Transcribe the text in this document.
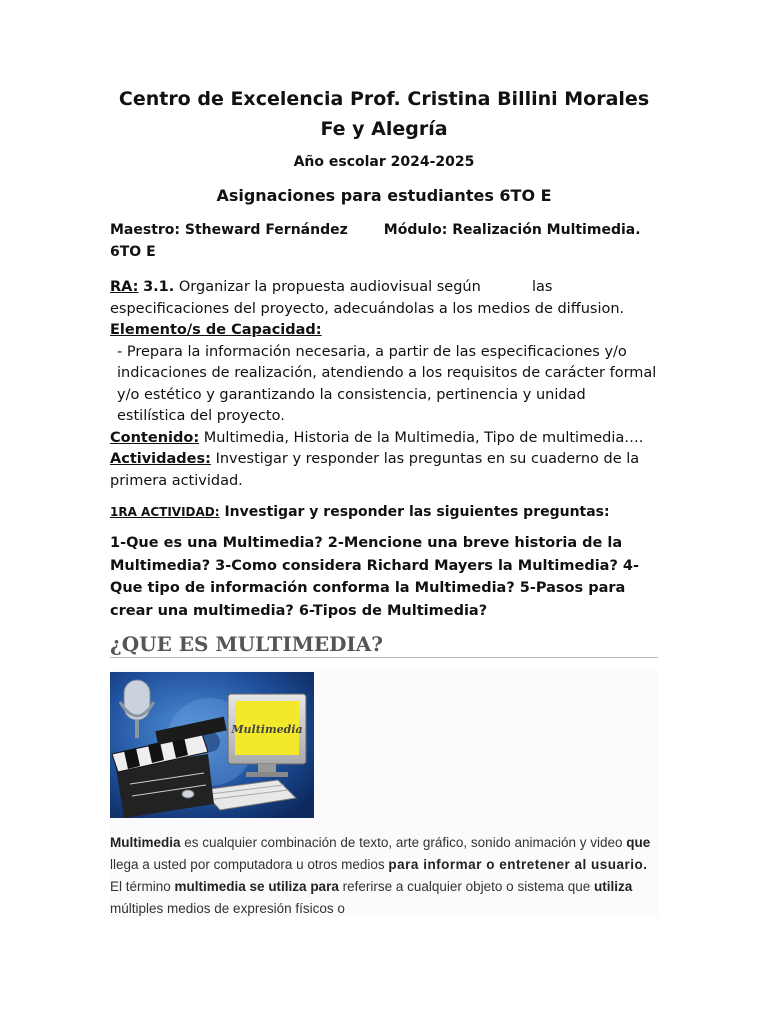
Centro de Excelencia Prof. Cristina Billini Morales Fe y Alegría

Año escolar 2024-2025
Asignaciones para estudiantes 6TO E
Maestro: Stheward Fernández	Módulo: Realización Multimedia.
6TO E
RA: 3.1. Organizar la propuesta audiovisual según	las especificaciones del proyecto, adecuándolas a los medios de diffusion.
Elemento/s de Capacidad:
- Prepara la información necesaria, a partir de las especificaciones y/o indicaciones de realización, atendiendo a los requisitos de carácter formal y/o estético y garantizando la consistencia, pertinencia y unidad estilística del proyecto.
Contenido: Multimedia, Historia de la Multimedia, Tipo de multimedia….
Actividades: Investigar y responder las preguntas en su cuaderno de la primera actividad.
1RA ACTIVIDAD: Investigar y responder las siguientes preguntas:
1-Que es una Multimedia? 2-Mencione una breve historia de la Multimedia? 3-Como considera Richard Mayers la Multimedia? 4-Que tipo de información conforma la Multimedia? 5-Pasos para crear una multimedia? 6-Tipos de Multimedia?
¿QUE ES MULTIMEDIA?
Multimedia
Multimedia es cualquier combinación de texto, arte gráfico, sonido animación y video que llega a usted por computadora u otros medios para informar o entretener al usuario. El término multimedia se utiliza para referirse a cualquier objeto o sistema que utiliza múltiples medios de expresión físicos o
